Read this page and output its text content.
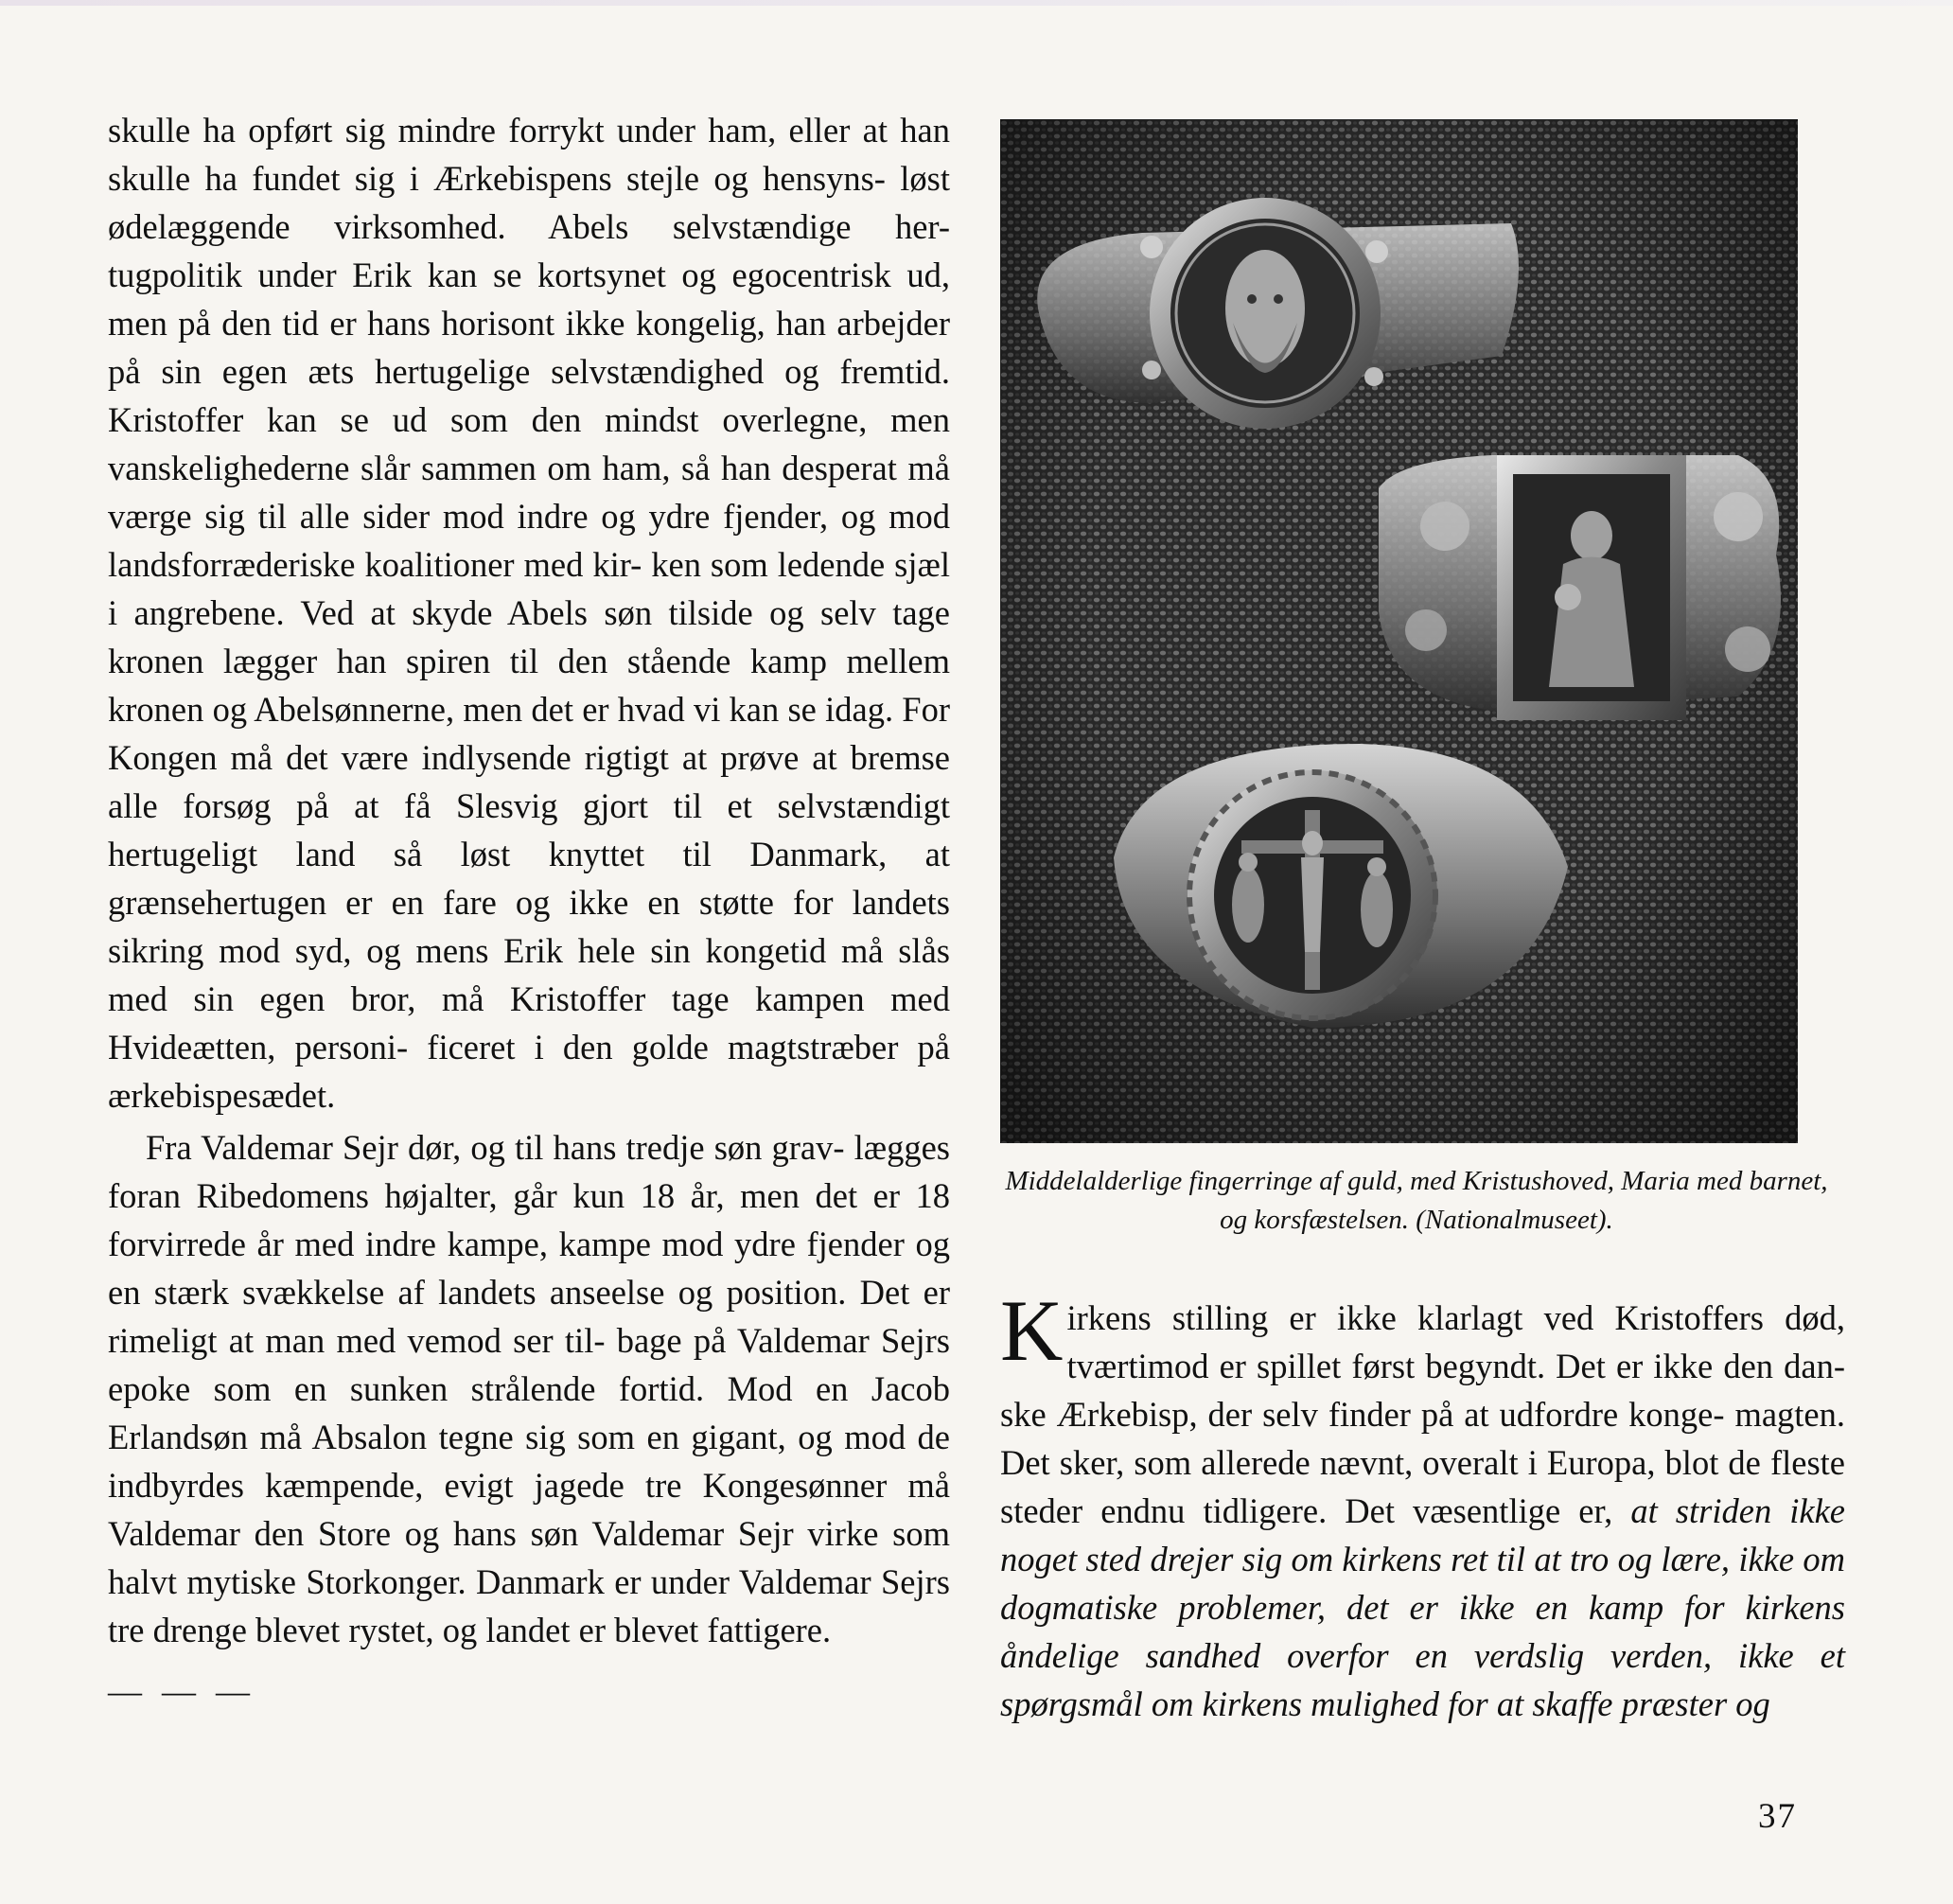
skulle ha opført sig mindre forrykt under ham, eller at han skulle ha fundet sig i Ærkebispens stejle og hensyns- løst ødelæggende virksomhed. Abels selvstændige her- tugpolitik under Erik kan se kortsynet og egocentrisk ud, men på den tid er hans horisont ikke kongelig, han arbejder på sin egen æts hertugelige selvstændighed og fremtid. Kristoffer kan se ud som den mindst overlegne, men vanskelighederne slår sammen om ham, så han desperat må værge sig til alle sider mod indre og ydre fjender, og mod landsforræderiske koalitioner med kir- ken som ledende sjæl i angrebene. Ved at skyde Abels søn tilside og selv tage kronen lægger han spiren til den stående kamp mellem kronen og Abelsønnerne, men det er hvad vi kan se idag. For Kongen må det være indlysende rigtigt at prøve at bremse alle forsøg på at få Slesvig gjort til et selvstændigt hertugeligt land så løst knyttet til Danmark, at grænsehertugen er en fare og ikke en støtte for landets sikring mod syd, og mens Erik hele sin kongetid må slås med sin egen bror, må Kristoffer tage kampen med Hvideætten, personi- ficeret i den golde magtstræber på ærkebispesædet.

Fra Valdemar Sejr dør, og til hans tredje søn grav- lægges foran Ribedomens højalter, går kun 18 år, men det er 18 forvirrede år med indre kampe, kampe mod ydre fjender og en stærk svækkelse af landets anseelse og position. Det er rimeligt at man med vemod ser til- bage på Valdemar Sejrs epoke som en sunken strålende fortid. Mod en Jacob Erlandsøn må Absalon tegne sig som en gigant, og mod de indbyrdes kæmpende, evigt jagede tre Kongesønner må Valdemar den Store og hans søn Valdemar Sejr virke som halvt mytiske Storkonger. Danmark er under Valdemar Sejrs tre drenge blevet rystet, og landet er blevet fattigere.

— — —
Middelalderlige fingerringe af guld, med Kristushoved, Maria med barnet, og korsfæstelsen. (Nationalmuseet).

Kirkens stilling er ikke klarlagt ved Kristoffers død, tværtimod er spillet først begyndt. Det er ikke den dan- ske Ærkebisp, der selv finder på at udfordre konge- magten. Det sker, som allerede nævnt, overalt i Europa, blot de fleste steder endnu tidligere. Det væsentlige er, at striden ikke noget sted drejer sig om kirkens ret til at tro og lære, ikke om dogmatiske problemer, det er ikke en kamp for kirkens åndelige sandhed overfor en verdslig verden, ikke et spørgsmål om kirkens mulighed for at skaffe præster og

37
